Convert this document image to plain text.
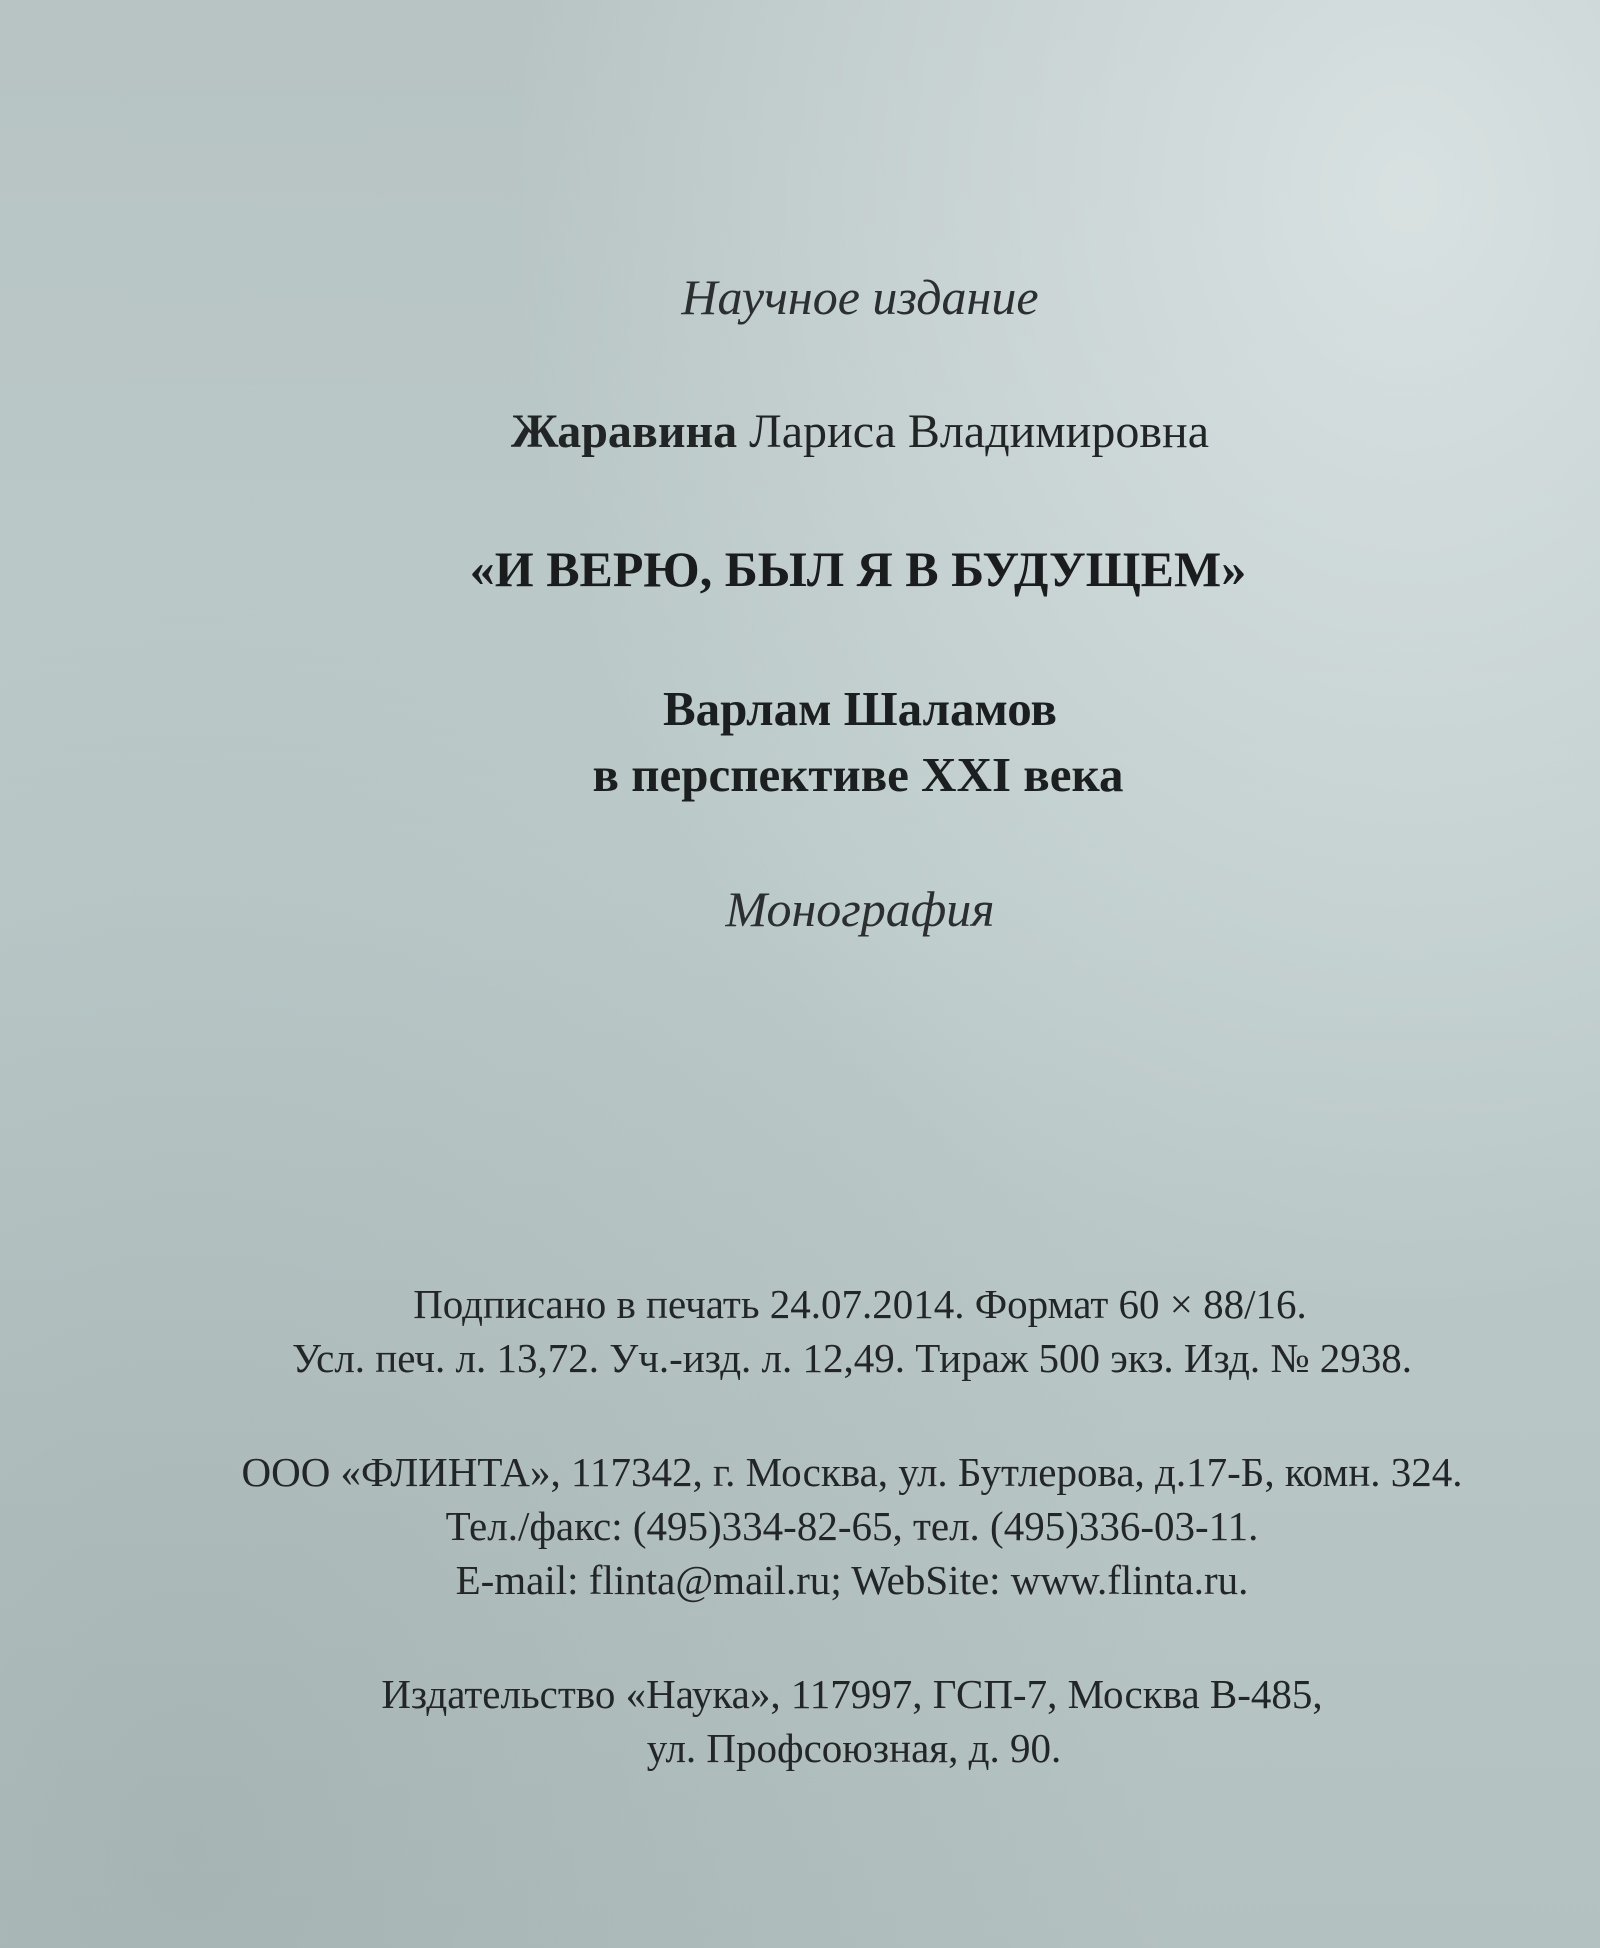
Научное издание
Жаравина Лариса Владимировна
«И ВЕРЮ, БЫЛ Я В БУДУЩЕМ»
Варлам Шаламов
в перспективе XXI века
Монография
Подписано в печать 24.07.2014. Формат 60 × 88/16.
Усл. печ. л. 13,72. Уч.-изд. л. 12,49. Тираж 500 экз. Изд. № 2938.
ООО «ФЛИНТА», 117342, г. Москва, ул. Бутлерова, д.17-Б, комн. 324.
Тел./факс: (495)334-82-65, тел. (495)336-03-11.
E-mail: flinta@mail.ru; WebSite: www.flinta.ru.
Издательство «Наука», 117997, ГСП-7, Москва В-485,
ул. Профсоюзная, д. 90.
